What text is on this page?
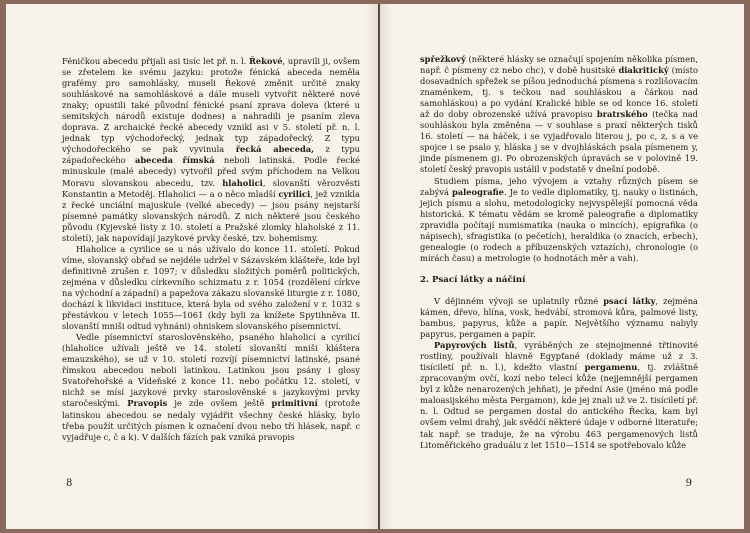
Féničkou abecedu přijali asi tisíc let př. n. l. Řekové, upravili ji, ovšem se zřetelem ke svému jazyku: protože fénická abeceda neměla grafémy pro samohlásky, museli Řekové změnit určité znaky souhláskové na samohláskové a dále museli vytvořit některé nové znaky; opustili také původní fénické psaní zprava doleva (které u semitských národů existuje dodnes) a nahradili je psaním zleva doprava. Z archaické řecké abecedy vznikl asi v 5. století př. n. l. jednak typ východořecký, jednak typ západořecký. Z typu východořeckého se pak vyvinula řecká abeceda, z typu západořeckého abeceda římská neboli latinská. Podle řecké minuskule (malé abecedy) vytvořil před svým příchodem na Velkou Moravu slovanskou abecedu, tzv. hlaholici, slovanští věrozvěsti Konstantin a Metoděj. Hlaholici — a o něco mladší cyrilici, jež vznikla z řecké unciální majuskule (velké abecedy) — jsou psány nejstarší písemné památky slovanských národů. Z nich některé jsou českého původu (Kyjevské listy z 10. století a Pražské zlomky hlaholské z 11. století), jak napovídají jazykové prvky české, tzv. bohemismy.

Hlaholice a cyrilice se u nás užívalo do konce 11. století. Pokud víme, slovanský obřad se nejdéle udržel v Sázavském klášteře, kde byl definitivně zrušen r. 1097; v důsledku složitých poměrů politických, zejména v důsledku církevního schizmatu z r. 1054 (rozdělení církve na východní a západní) a papežova zákazu slovanské liturgie z r. 1080, dochází k likvidaci instituce, která byla od svého založení v r. 1032 s přestávkou v letech 1055—1061 (kdy byli za knížete Spytihněva II. slovanští mniši odtud vyhnáni) ohniskem slovanského písemnictví.

Vedle písemnictví staroslověnského, psaného hlaholicí a cyrilicí (hlaholice užívali ještě ve 14. století slovanští mniši kláštera emauzského), se už v 10. století rozvíjí písemnictví latinské, psané římskou abecedou neboli latinkou. Latinkou jsou psány i glosy Svatořehořské a Vídeňské z konce 11. nebo počátku 12. století, v nichž se mísí jazykové prvky staroslověnské s jazykovými prvky staročeskými. Pravopis je zde ovšem ještě primitivní (protože latinskou abecedou se nedaly vyjádřit všechny české hlásky, bylo třeba použít určitých písmen k označení dvou nebo tří hlásek, např. c vyjadřuje c, č a k). V dalších fázích pak vzniká pravopis

8

spřežkový (některé hlásky se označují spojením několika písmen, např. č písmeny cz nebo chc), v době husitské diakritický (místo dosavadních spřežek se píšou jednoduchá písmena s rozlišovacím znaménkem, tj. s tečkou nad souhláskou a čárkou nad samohláskou) a po vydání Kralické bible se od konce 16. století až do doby obrozenské užívá pravopisu bratrského (tečka nad souhláskou byla změněna — v souhlase s praxí některých tisků 16. století — na háček, i se vyjadřovalo literou j, po c, z, s a ve spojce i se psalo y, hláska j se v dvojhláskách psala písmenem y, jinde písmenem g). Po obrozenských úpravách se v polovině 19. století český pravopis ustálil v podstatě v dnešní podobě.

Studiem písma, jeho vývojem a vztahy různých písem se zabývá paleografie. Je to vedle diplomatiky, tj. nauky o listinách, jejich písmu a slohu, metodologicky nejvyspělejší pomocná věda historická. K tématu vědám se kromě paleografie a diplomatiky zpravidla počítají numismatika (nauka o mincích), epigrafika (o nápisech), sfragistika (o pečetích), heraldika (o znacích, erbech), genealogie (o rodech a příbuzenských vztazích), chronologie (o mírách času) a metrologie (o hodnotách měr a vah).

2. Psací látky a náčiní

V dějinném vývoji se uplatnily různé psací látky, zejména kámen, dřevo, hlína, vosk, hedvábí, stromová kůra, palmové listy, bambus, papyrus, kůže a papír. Největšího významu nabyly papyrus, pergamen a papír.

Papyrových listů, vyráběných ze stejnojmenné třtinovité rostliny, používali hlavně Egypťané (doklady máme už z 3. tisíciletí př. n. l.), kdežto vlastní pergamenu, tj. zvláštně zpracovaným ovčí, kozí nebo telecí kůže (nejjemnější pergamen byl z kůže nenarozených jehňat), je přední Asie (jméno má podle maloasijského města Pergamon), kde jej znali už ve 2. tisíciletí př. n. l. Odtud se pergamen dostal do antického Řecka, kam byl ovšem velmi drahý, jak svědčí některé údaje v odborné literatuře; tak např. se traduje, že na výrobu 463 pergamenových listů Litoměřického graduálu z let 1510—1514 se spotřebovalo kůže

9
